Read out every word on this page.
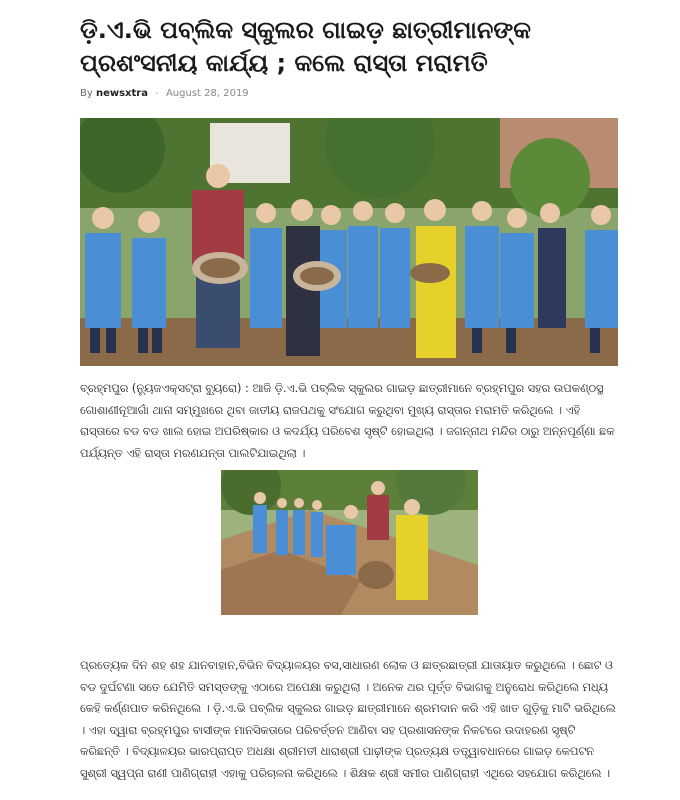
ଡ଼ି.ଏ.ଭି ପବ୍ଲିକ ସ୍କୁଲର ଗାଇଡ଼ ଛାତ୍ରୀମାନଙ୍କ ପ୍ରଶଂସନୀୟ କାର୍ଯ୍ୟ ; କଲେ ରାସ୍ତା ମରାମତି
By newsxtra - August 28, 2019

ବ୍ରହ୍ମପୁର (ନ୍ୟୁଜଏକ୍ସଟ୍ରା ବ୍ୟୁରୋ) : ଆଜି ଡ଼ି.ଏ.ଭି ପବ୍ଲିକ ସ୍କୁଲର ଗାଇଡ଼ ଛାତ୍ରୀମାନେ ବ୍ରହ୍ମପୁର ସହର ଉପକଣ୍ଠସ୍ଥ ଗୋଶାଣୀନୂଆଗାଁ ଥାନା ସମ୍ମୁଖରେ ଥିବା ଜାତୀୟ ରାଜପଥକୁ ସଂଯୋଗ କରୁଥିବା ମୁଖ୍ୟ ରାସ୍ତାର ମରାମତି କରିଥିଲେ । ଏହି ରାସ୍ତାରେ ବଡ ବଡ ଖାଲ ହୋଇ ଅପରିଷ୍କାର ଓ କଦର୍ଯ୍ୟ ପରିବେଶ ସୃଷ୍ଟି ହୋଇଥିଲା । ଜଗନ୍ନାଥ ମନ୍ଦିର ଠାରୁ ଅନ୍ନପୂର୍ଣ୍ଣା ଛକ ପର୍ଯ୍ୟନ୍ତ ଏହି ରାସ୍ତା ମରଣଯନ୍ତା ପାଲଟିଯାଇଥିଲା ।

ପ୍ରତ୍ୟେକ ଦିନ ଶହ ଶହ ଯାନବାହାନ,ବିଭିନ ବିଦ୍ୟାଳୟର ବସ,ସାଧାରଣ ଲୋକ ଓ ଛାତ୍ରଛାତ୍ରୀ ଯାତାୟାତ କରୁଥିଲେ । ଛୋଟ ଓ ବଡ ଦୁର୍ଘଟଣା ସତେ ଯେମିତି ସମସ୍ତଙ୍କୁ ଏଠାରେ ଅପେକ୍ଷା କରୁଥିଲା । ଅନେକ ଥର ପୂର୍ତ୍ତ ବିଭାଗକୁ ଅନୁରୋଧ କରିଥିଲେ ମଧ୍ୟ କେହି କର୍ଣ୍ଣପାତ କରିନଥିଲେ । ଡ଼ି.ଏ.ଭି ପବ୍ଲିକ ସ୍କୁଲର ଗାଇଡ଼ ଛାତ୍ରୀମାନେ ଶ୍ରମଦାନ କରି ଏହି ଖାତ ଗୁଡ଼ିକୁ ମାଟି ଭରିଥିଲେ । ଏହା ଦ୍ୱାରା ବ୍ରହ୍ମପୁର ବାସୀଙ୍କ ମାନସିକତାରେ ପରିବର୍ତ୍ତନ ଆଣିବା ସହ ପ୍ରଶାସନଙ୍କ ନିକଟରେ ଉଦାହରଣ ସୃଷ୍ଟି କରିଛନ୍ତି । ବିଦ୍ୟାଳୟର ଭାରପ୍ରାପ୍ତ ଅଧକ୍ଷା ଶ୍ରୀମତୀ ଧାରାଶ୍ରୀ ପାଢ଼ୀଙ୍କ ପ୍ରତ୍ୟକ୍ଷ ତତ୍ତ୍ୱାବଧାନରେ ଗାଇଡ଼ କେପଟନ ସୁଶ୍ରୀ ସ୍ୱପ୍ନା ରାଣୀ ପାଣିଗ୍ରାହୀ ଏହାକୁ ପରିଚାଳନା କରିଥିଲେ । ଶିକ୍ଷକ ଶ୍ରୀ ସମୀର ପାଣିଗ୍ରାହୀ ଏଥିରେ ସହଯୋଗ କରିଥିଲେ ।
